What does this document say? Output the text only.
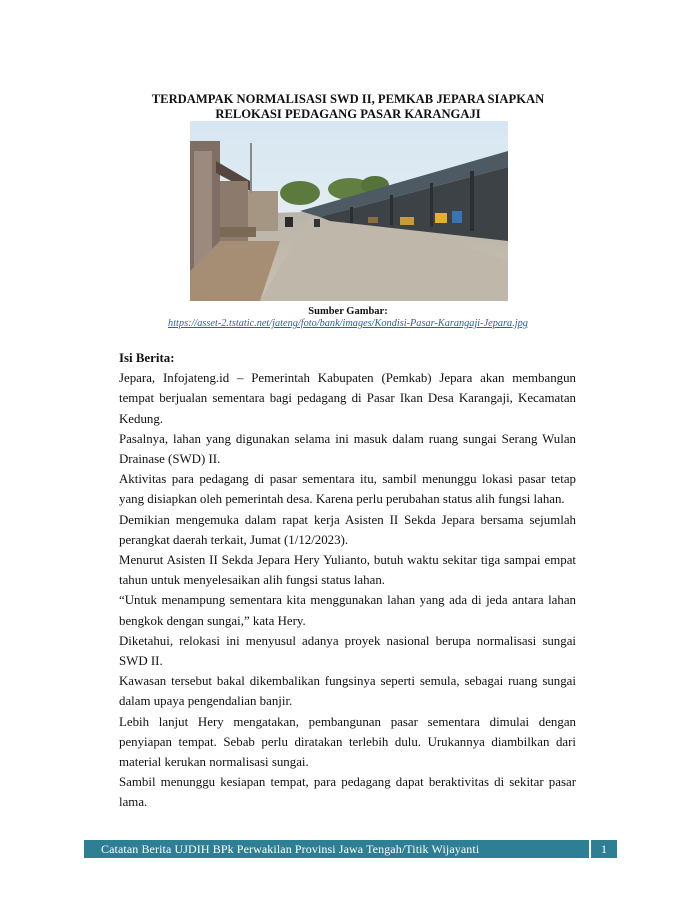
TERDAMPAK NORMALISASI SWD II, PEMKAB JEPARA SIAPKAN RELOKASI PEDAGANG PASAR KARANGAJI
Sumber Gambar:
https://asset-2.tstatic.net/jateng/foto/bank/images/Kondisi-Pasar-Karangaji-Jepara.jpg

Isi Berita:

Jepara, Infojateng.id – Pemerintah Kabupaten (Pemkab) Jepara akan membangun tempat berjualan sementara bagi pedagang di Pasar Ikan Desa Karangaji, Kecamatan Kedung.

Pasalnya, lahan yang digunakan selama ini masuk dalam ruang sungai Serang Wulan Drainase (SWD) II.

Aktivitas para pedagang di pasar sementara itu, sambil menunggu lokasi pasar tetap yang disiapkan oleh pemerintah desa. Karena perlu perubahan status alih fungsi lahan.

Demikian mengemuka dalam rapat kerja Asisten II Sekda Jepara bersama sejumlah perangkat daerah terkait, Jumat (1/12/2023).

Menurut Asisten II Sekda Jepara Hery Yulianto, butuh waktu sekitar tiga sampai empat tahun untuk menyelesaikan alih fungsi status lahan.

“Untuk menampung sementara kita menggunakan lahan yang ada di jeda antara lahan bengkok dengan sungai,” kata Hery.

Diketahui, relokasi ini menyusul adanya proyek nasional berupa normalisasi sungai SWD II.

Kawasan tersebut bakal dikembalikan fungsinya seperti semula, sebagai ruang sungai dalam upaya pengendalian banjir.

Lebih lanjut Hery mengatakan, pembangunan pasar sementara dimulai dengan penyiapan tempat. Sebab perlu diratakan terlebih dulu. Urukannya diambilkan dari material kerukan normalisasi sungai.

Sambil menunggu kesiapan tempat, para pedagang dapat beraktivitas di sekitar pasar lama.

Catatan Berita UJDIH BPk Perwakilan Provinsi Jawa Tengah/Titik Wijayanti	1
